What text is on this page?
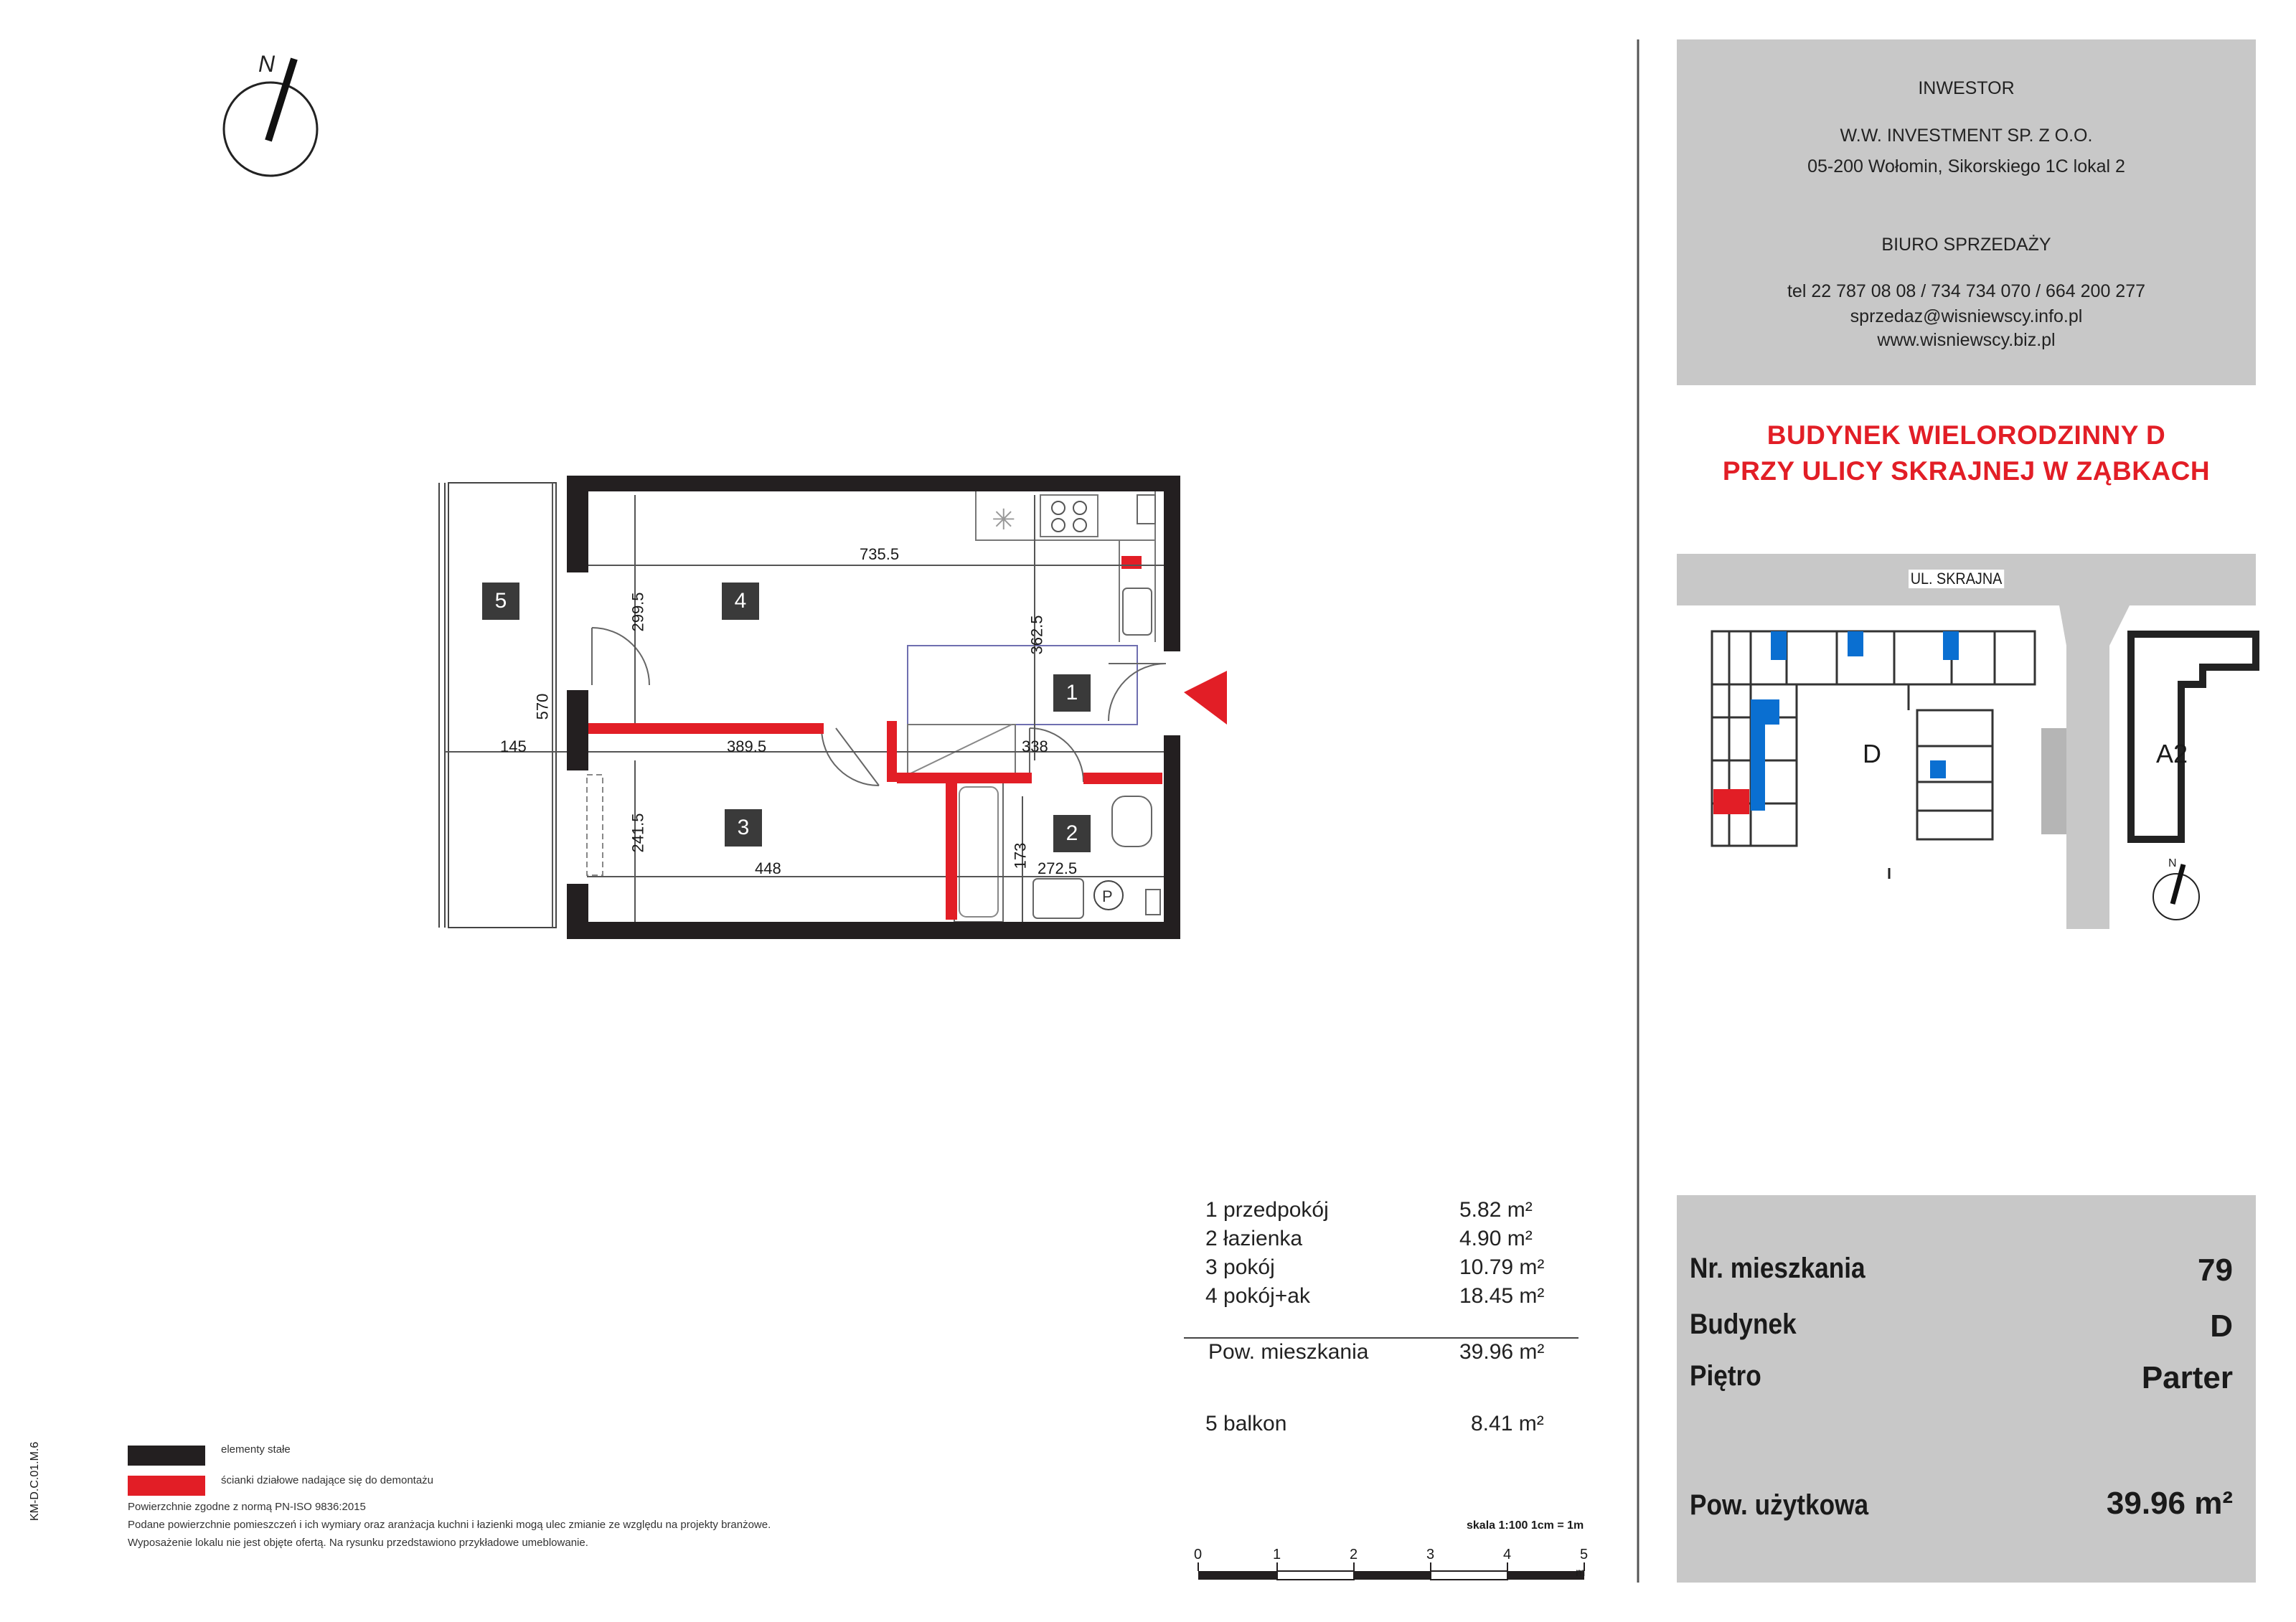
N
✳
P
N
4
5
1
3	2
735.5
299.5
362.5
570
145	389.5	338
241.5
173
448	272.5
INWESTOR
W.W. INVESTMENT SP. Z O.O.
05-200 Wołomin, Sikorskiego 1C lokal 2
BIURO SPRZEDAŻY
tel 22 787 08 08 / 734 734 070 / 664 200 277
sprzedaz@wisniewscy.info.pl
www.wisniewscy.biz.pl
BUDYNEK WIELORODZINNY D
PRZY ULICY SKRAJNEJ W ZĄBKACH
UL. SKRAJNA
D	A2
1 przedpokój	5.82 m²
2 łazienka	4.90 m²
3 pokój	10.79 m²
4 pokój+ak	18.45 m²
Pow. mieszkania	39.96 m²
5 balkon	8.41 m²
skala 1:100 1cm = 1m
0	1	2	3	4	5
m
elementy stałe
ścianki działowe nadające się do demontażu
Powierzchnie zgodne z normą PN-ISO 9836:2015
Podane powierzchnie pomieszczeń i ich wymiary oraz aranżacja kuchni i łazienki mogą ulec zmianie ze względu na projekty branżowe.
Wyposażenie lokalu nie jest objęte ofertą. Na rysunku przedstawiono przykładowe umeblowanie.
KM-D.C.01.M.6
Nr. mieszkania	79
Budynek	D
Piętro	Parter
Pow. użytkowa	39.96 m²
